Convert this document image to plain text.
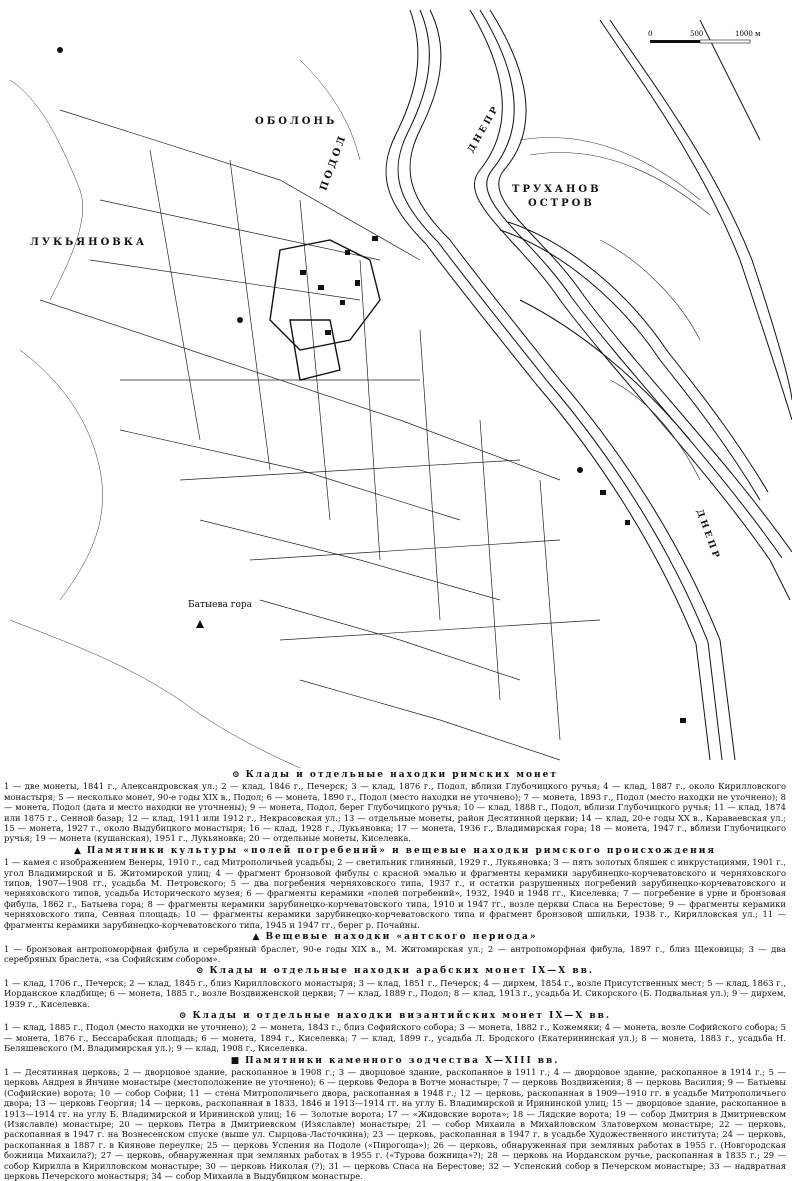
ОБОЛОНЬ
ПОДОЛ	ТРУХАНОВ
ОСТРОВ
ЛУКЬЯНОВКА
Батыева гора
ДНЕПР
ДНЕПР
0	500	1000 м
⊙ Клады и отдельные находки римских монет

1 — две монеты, 1841 г., Александровская ул.; 2 — клад, 1846 г., Печерск; 3 — клад, 1876 г., Подол, вблизи Глубочицкого ручья; 4 — клад, 1887 г., около Кирилловского монастыря; 5 — несколько монет, 90-е годы XIX в., Подол; 6 — монета, 1890 г., Подол (место находки не уточнено); 7 — монета, 1893 г., Подол (место находки не уточнено); 8 — монета, Подол (дата и место находки не уточнены); 9 — монета, Подол, берег Глубочицкого ручья; 10 — клад, 1888 г., Подол, вблизи Глубочицкого ручья; 11 — клад, 1874 или 1875 г., Сенной базар; 12 — клад, 1911 или 1912 г., Некрасовская ул.; 13 — отдельные монеты, район Десятинной церкви; 14 — клад, 20-е годы XX в., Караваевская ул.; 15 — монета, 1927 г., около Выдубицкого монастыря; 16 — клад, 1928 г., Лукьяновка; 17 — монета, 1936 г., Владимирская гора; 18 — монета, 1947 г., вблизи Глубочицкого ручья; 19 — монета (кушанская), 1951 г., Лукьяновка; 20 — отдельные монеты, Киселевка.

▲ Памятники культуры «полей погребений» и вещевые находки римского происхождения

1 — камея с изображением Венеры, 1910 г., сад Митрополичьей усадьбы; 2 — светильник глиняный, 1929 г., Лукьяновка; 3 — пять золотых бляшек с инкрустациями, 1901 г., угол Владимирской и Б. Житомирской улиц; 4 — фрагмент бронзовой фибулы с красной эмалью и фрагменты керамики зарубинецко-корчеватовского и черняховского типов, 1907—1908 гг., усадьба М. Петровского; 5 — два погребения черняховского типа, 1937 г., и остатки разрушенных погребений зарубинецко-корчеватовского и черняховского типов, усадьба Исторического музея; 6 — фрагменты керамики «полей погребений», 1932, 1940 и 1948 гг., Киселевка; 7 — погребение в урне и бронзовая фибула, 1862 г., Батыева гора; 8 — фрагменты керамики зарубинецко-корчеватовского типа, 1910 и 1947 гг., возле церкви Спаса на Берестове; 9 — фрагменты керамики черняховского типа, Сенная площадь; 10 — фрагменты керамики зарубинецко-корчеватовского типа и фрагмент бронзовой шпильки, 1938 г., Кирилловская ул.; 11 — фрагменты керамики зарубинецко-корчеватовского типа, 1945 и 1947 гг., берег р. Почайны.

▲ Вещевые находки «антского периода»

1 — бронзовая антропоморфная фибула и серебряный браслет, 90-е годы XIX в., М. Житомирская ул.; 2 — антропоморфная фибула, 1897 г., близ Щековицы; 3 — два серебряных браслета, «за Софийским собором».

⊙ Клады и отдельные находки арабских монет IX—X вв.

1 — клад, 1706 г., Печерск; 2 — клад, 1845 г., близ Кирилловского монастыря; 3 — клад, 1851 г., Печерск; 4 — дирхем, 1854 г., возле Присутственных мест; 5 — клад, 1863 г., Иорданское кладбище; 6 — монета, 1885 г., возле Воздвиженской церкви; 7 — клад, 1889 г., Подол; 8 — клад, 1913 г., усадьба И. Сикорского (Б. Подвальная ул.); 9 — дирхем, 1939 г., Киселевка.

⊙ Клады и отдельные находки византийских монет IX—X вв.

1 — клад, 1885 г., Подол (место находки не уточнено); 2 — монета, 1843 г., близ Софийского собора; 3 — монета, 1882 г., Кожемяки; 4 — монета, возле Софийского собора; 5 — монета, 1876 г., Бессарабская площадь; 6 — монета, 1894 г., Киселевка; 7 — клад, 1899 г., усадьба Л. Бродского (Екатерининская ул.); 8 — монета, 1883 г., усадьба Н. Беляшевского (М. Владимирская ул.); 9 — клад, 1908 г., Киселевка.

■ Памятники каменного зодчества X—XIII вв.

1 — Десятинная церковь; 2 — дворцовое здание, раскопанное в 1908 г.; 3 — дворцовое здание, раскопанное в 1911 г.; 4 — дворцовое здание, раскопанное в 1914 г.; 5 — церковь Андрея в Янчине монастыре (местоположение не уточнено); 6 — церковь Федора в Вотче монастыре; 7 — церковь Воздвижения; 8 — церковь Василия; 9 — Батыевы (Софийские) ворота; 10 — собор Софии; 11 — стена Митрополичьего двора, раскопанная в 1948 г.; 12 — церковь, раскопанная в 1909—1910 гг. в усадьбе Митрополичьего двора; 13 — церковь Георгия; 14 — церковь, раскопанная в 1833, 1846 и 1913—1914 гг. на углу Б. Владимирской и Ирининской улиц; 15 — дворцовое здание, раскопанное в 1913—1914 гг. на углу Б. Владимирской и Ирининской улиц; 16 — Золотые ворота; 17 — «Жидовские ворота»; 18 — Лядские ворота; 19 — собор Дмитрия в Дмитриевском (Изяславле) монастыре; 20 — церковь Петра в Дмитриевском (Изяславле) монастыре; 21 — собор Михаила в Михайловском Златоверхом монастыре; 22 — церковь, раскопанная в 1947 г. на Вознесенском спуске (выше ул. Сырцова-Ласточкина); 23 — церковь, раскопанная в 1947 г. в усадьбе Художественного института; 24 — церковь, раскопанная в 1887 г. в Киянове переулке; 25 — церковь Успения на Подоле («Пирогоща»); 26 — церковь, обнаруженная при земляных работах в 1955 г. (Новгородская божница Михаила?); 27 — церковь, обнаруженная при земляных работах в 1955 г. («Турова божница»?); 28 — церковь на Иорданском ручье, раскопанная в 1835 г.; 29 — собор Кирилла в Кирилловском монастыре; 30 — церковь Николая (?); 31 — церковь Спаса на Берестове; 32 — Успенский собор в Печерском монастыре; 33 — надвратная церковь Печерского монастыря; 34 — собор Михаила в Выдубицком монастыре.
